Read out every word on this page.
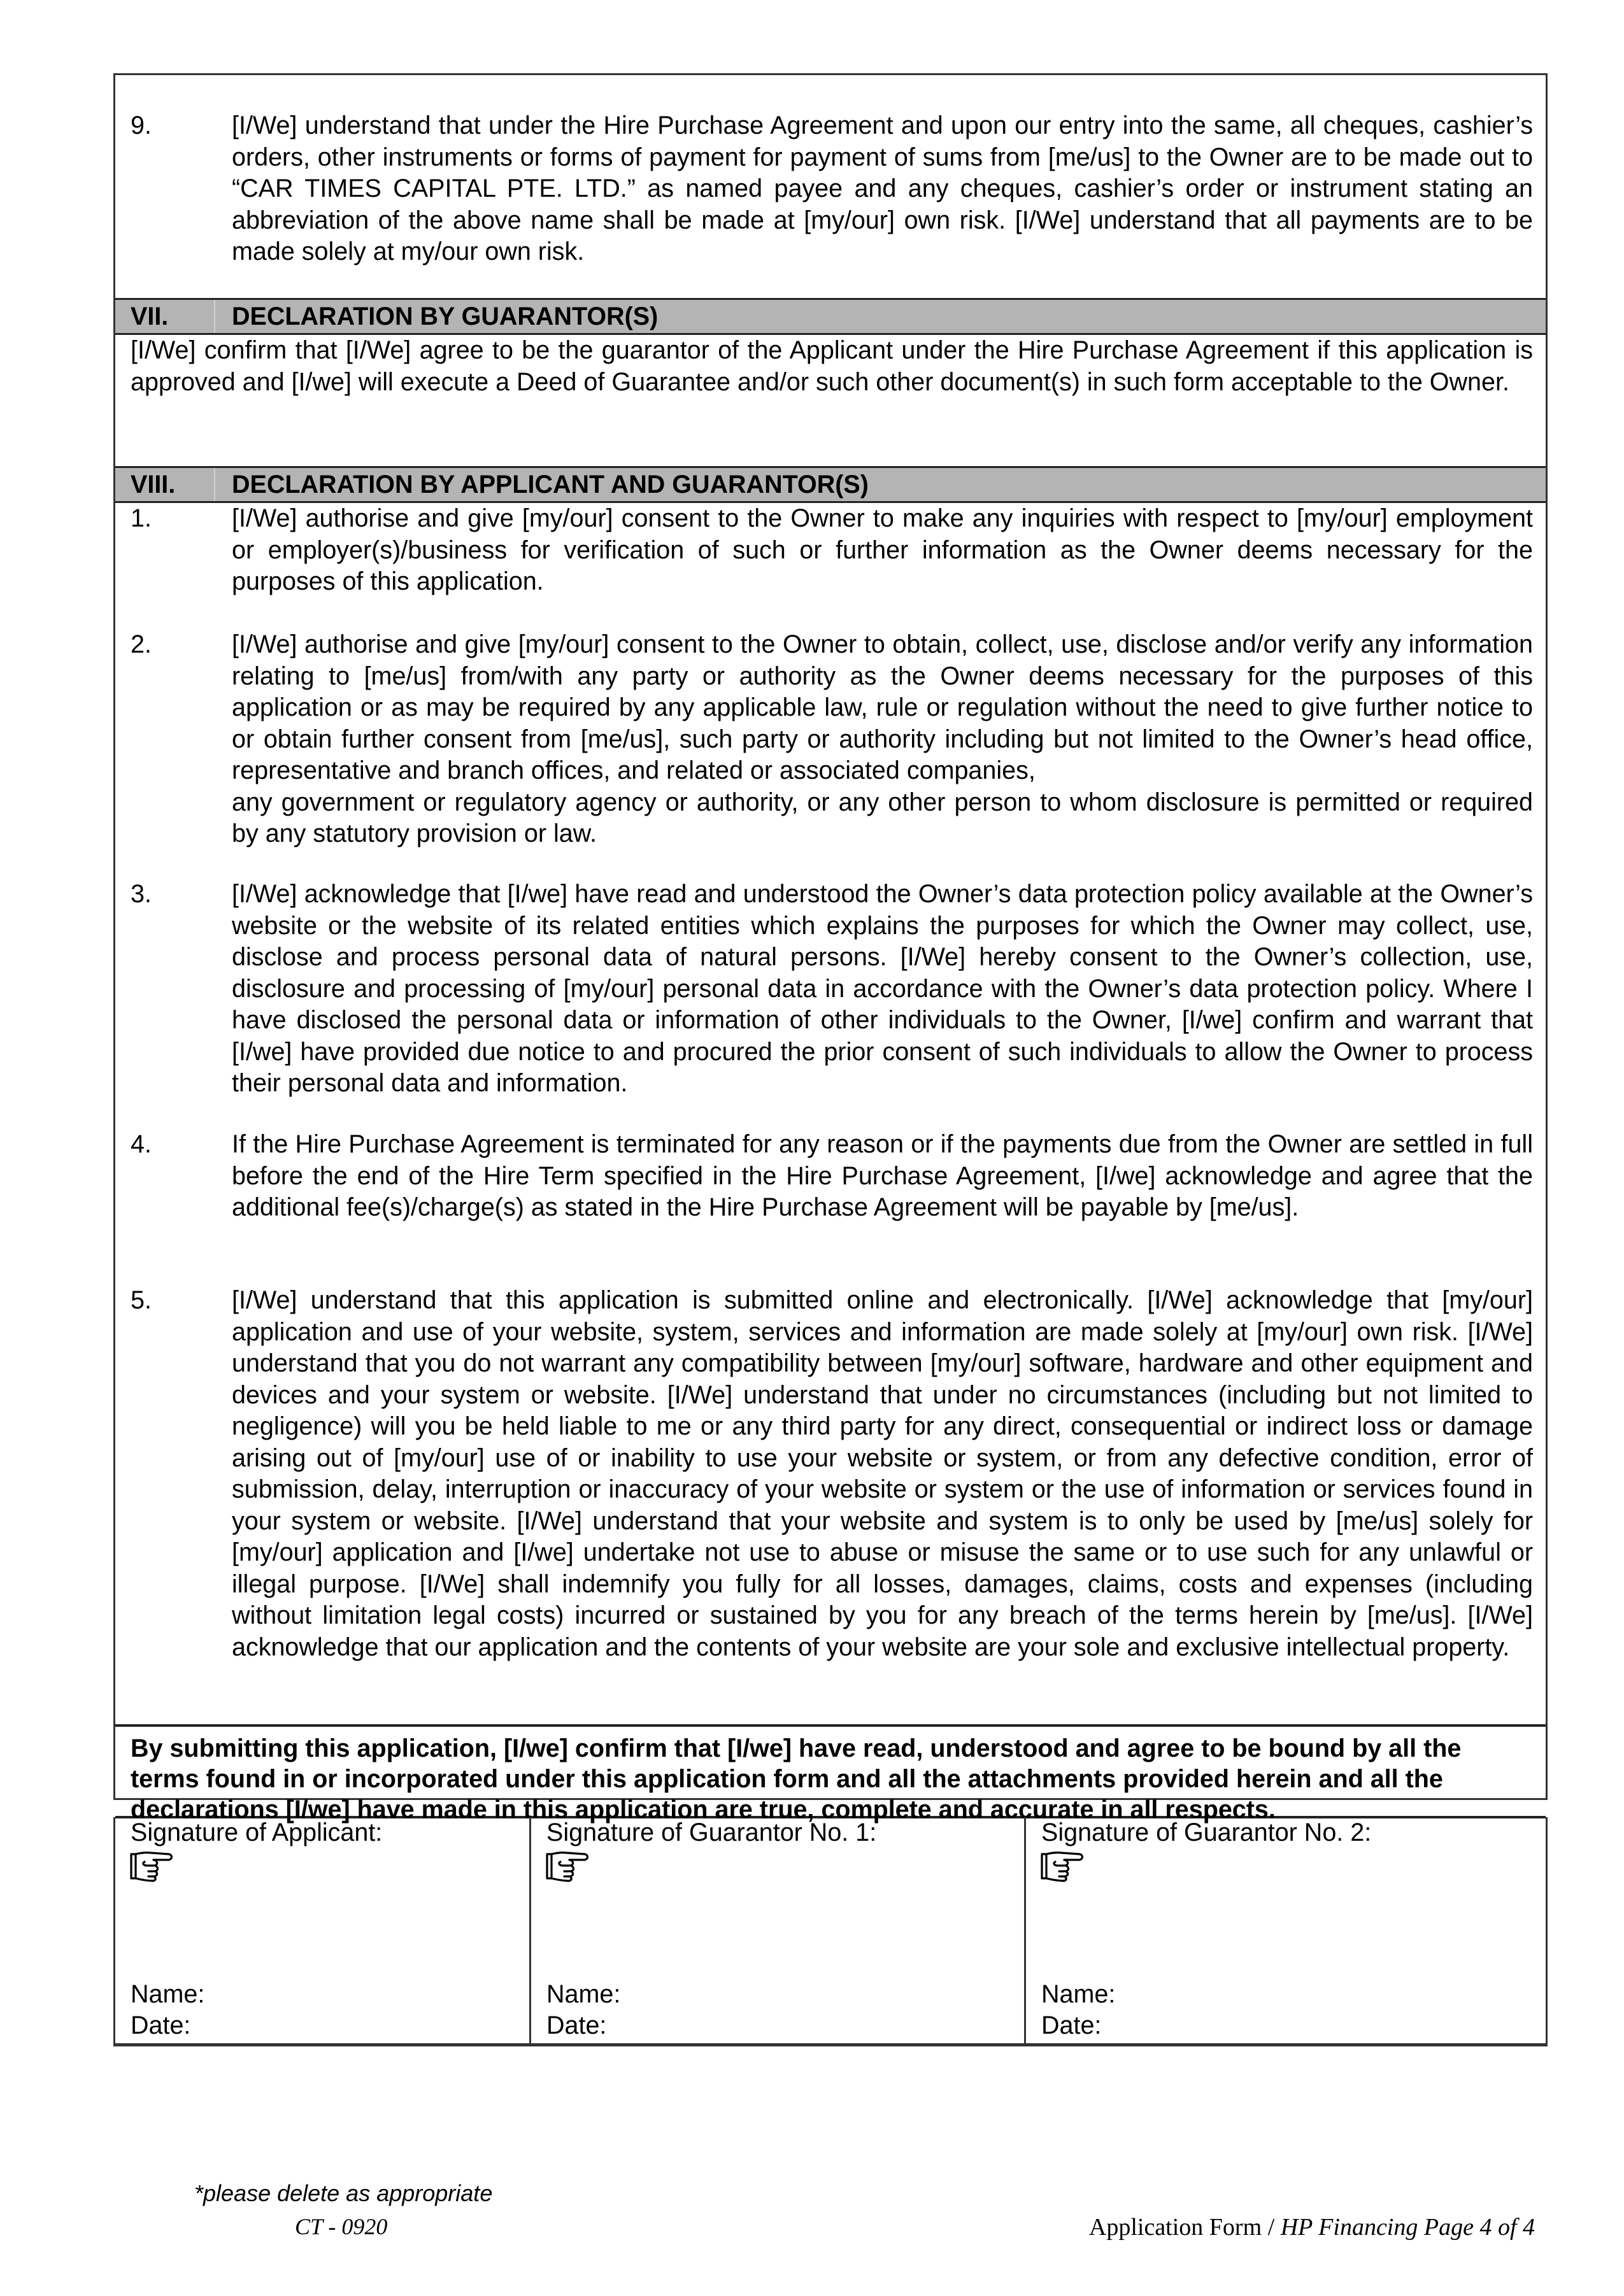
9.	[I/We] understand that under the Hire Purchase Agreement and upon our entry into the same, all cheques, cashier’s orders, other instruments or forms of payment for payment of sums from [me/us] to the Owner are to be made out to “CAR TIMES CAPITAL PTE. LTD.” as named payee and any cheques, cashier’s order or instrument stating an abbreviation of the above name shall be made at [my/our] own risk. [I/We] understand that all payments are to be made solely at my/our own risk.
VII.	DECLARATION BY GUARANTOR(S)
[I/We] confirm that [I/We] agree to be the guarantor of the Applicant under the Hire Purchase Agreement if this application is approved and [I/we] will execute a Deed of Guarantee and/or such other document(s) in such form acceptable to the Owner.
VIII. DECLARATION BY APPLICANT AND GUARANTOR(S)
1.	[I/We] authorise and give [my/our] consent to the Owner to make any inquiries with respect to [my/our] employment or employer(s)/business for verification of such or further information as the Owner deems necessary for the purposes of this application.
2.	[I/We] authorise and give [my/our] consent to the Owner to obtain, collect, use, disclose and/or verify any information relating to [me/us] from/with any party or authority as the Owner deems necessary for the purposes of this application or as may be required by any applicable law, rule or regulation without the need to give further notice to or obtain further consent from [me/us], such party or authority including but not limited to the Owner’s head office, representative and branch offices, and related or associated companies,
any government or regulatory agency or authority, or any other person to whom disclosure is permitted or required by any statutory provision or law.
3.	[I/We] acknowledge that [I/we] have read and understood the Owner’s data protection policy available at the Owner’s website or the website of its related entities which explains the purposes for which the Owner may collect, use, disclose and process personal data of natural persons. [I/We] hereby consent to the Owner’s collection, use, disclosure and processing of [my/our] personal data in accordance with the Owner’s data protection policy. Where I have disclosed the personal data or information of other individuals to the Owner, [I/we] confirm and warrant that [I/we] have provided due notice to and procured the prior consent of such individuals to allow the Owner to process their personal data and information.
4.	If the Hire Purchase Agreement is terminated for any reason or if the payments due from the Owner are settled in full before the end of the Hire Term specified in the Hire Purchase Agreement, [I/we] acknowledge and agree that the additional fee(s)/charge(s) as stated in the Hire Purchase Agreement will be payable by [me/us].
5.	[I/We] understand that this application is submitted online and electronically. [I/We] acknowledge that [my/our] application and use of your website, system, services and information are made solely at [my/our] own risk. [I/We] understand that you do not warrant any compatibility between [my/our] software, hardware and other equipment and devices and your system or website. [I/We] understand that under no circumstances (including but not limited to negligence) will you be held liable to me or any third party for any direct, consequential or indirect loss or damage arising out of [my/our] use of or inability to use your website or system, or from any defective condition, error of submission, delay, interruption or inaccuracy of your website or system or the use of information or services found in your system or website. [I/We] understand that your website and system is to only be used by [me/us] solely for [my/our] application and [I/we] undertake not use to abuse or misuse the same or to use such for any unlawful or illegal purpose. [I/We] shall indemnify you fully for all losses, damages, claims, costs and expenses (including without limitation legal costs) incurred or sustained by you for any breach of the terms herein by [me/us]. [I/We] acknowledge that our application and the contents of your website are your sole and exclusive intellectual property.
By submitting this application, [I/we] confirm that [I/we] have read, understood and agree to be bound by all the terms found in or incorporated under this application form and all the attachments provided herein and all the declarations [I/we] have made in this application are true, complete and accurate in all respects.
Signature of Applicant:
Name:
Date:
Signature of Guarantor No. 1:
Name:
Date:
Signature of Guarantor No. 2:
Name:
Date:
*please delete as appropriate
CT - 0920	Application Form / HP Financing Page 4 of 4
